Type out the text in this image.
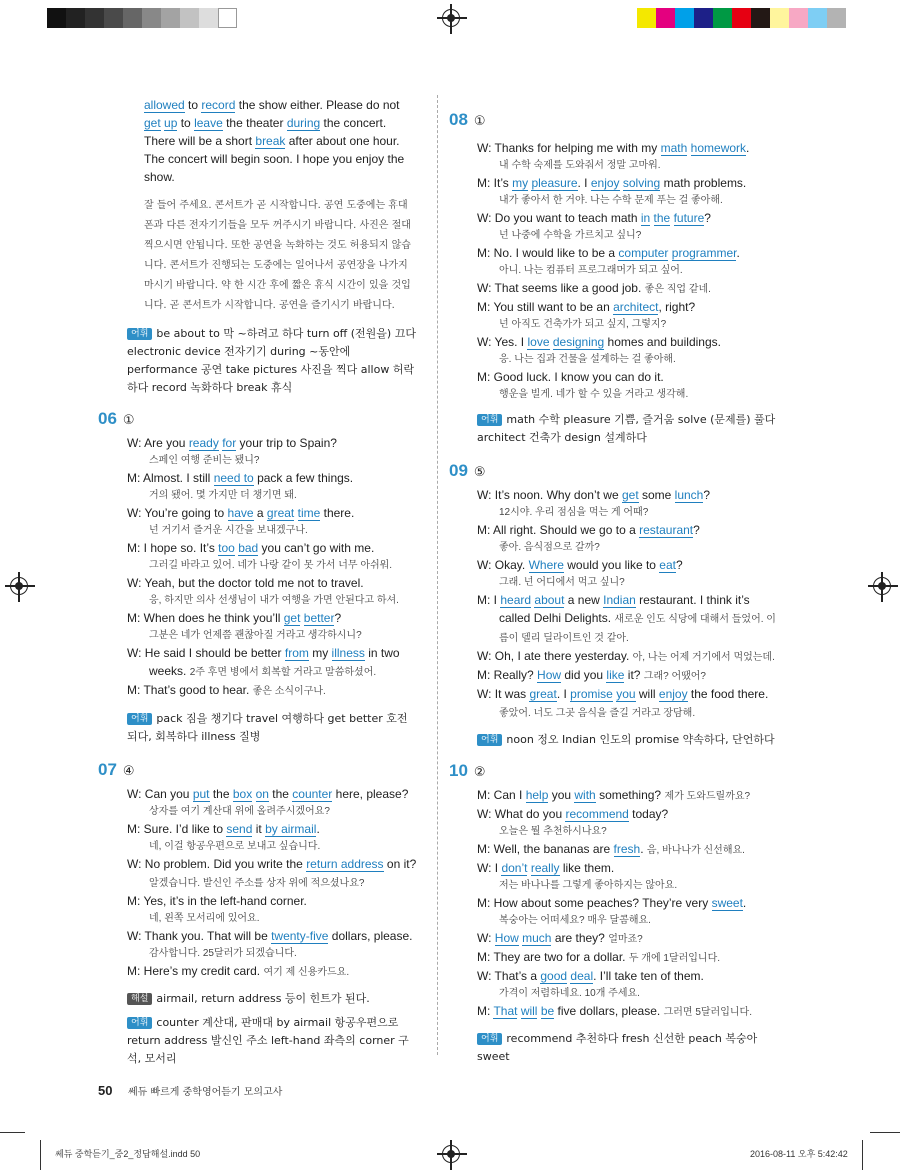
allowed to record the show either. Please do not get up to leave the theater during the concert. There will be a short break after about one hour. The concert will begin soon. I hope you enjoy the show.

잘 들어 주세요. 콘서트가 곧 시작합니다. 공연 도중에는 휴대폰과 다른 전자기기들을 모두 꺼주시기 바랍니다. 사진은 절대 찍으시면 안됩니다. 또한 공연을 녹화하는 것도 허용되지 않습니다. 콘서트가 진행되는 도중에는 일어나서 공연장을 나가지 마시기 바랍니다. 약 한 시간 후에 짧은 휴식 시간이 있을 것입니다. 곧 콘서트가 시작합니다. 공연을 즐기시기 바랍니다.

어휘 be about to 막 ~하려고 하다 turn off (전원을) 끄다 electronic device 전자기기 during ~동안에 performance 공연 take pictures 사진을 찍다 allow 허락하다 record 녹화하다 break 휴식

06 ①

W: Are you ready for your trip to Spain?

스페인 여행 준비는 됐니?

M: Almost. I still need to pack a few things.

거의 됐어. 몇 가지만 더 챙기면 돼.

W: You’re going to have a great time there.

넌 거기서 즐거운 시간을 보내겠구나.

M: I hope so. It’s too bad you can’t go with me.

그러길 바라고 있어. 네가 나랑 같이 못 가서 너무 아쉬워.

W: Yeah, but the doctor told me not to travel.

응, 하지만 의사 선생님이 내가 여행을 가면 안된다고 하셔.

M: When does he think you’ll get better?

그분은 네가 언제쯤 괜찮아질 거라고 생각하시니?

W: He said I should be better from my illness in two weeks. 2주 후면 병에서 회복할 거라고 말씀하셨어.

M: That’s good to hear. 좋은 소식이구나.

어휘 pack 짐을 챙기다 travel 여행하다 get better 호전되다, 회복하다 illness 질병

07 ④

W: Can you put the box on the counter here, please?

상자를 여기 계산대 위에 올려주시겠어요?

M: Sure. I’d like to send it by airmail.

네, 이걸 항공우편으로 보내고 싶습니다.

W: No problem. Did you write the return address on it? 알겠습니다. 발신인 주소를 상자 위에 적으셨나요?

M: Yes, it’s in the left-hand corner.

네, 왼쪽 모서리에 있어요.

W: Thank you. That will be twenty-five dollars, please.

감사합니다. 25달러가 되겠습니다.

M: Here’s my credit card. 여기 제 신용카드요.

해설 airmail, return address 등이 힌트가 된다.

어휘 counter 계산대, 판매대 by airmail 항공우편으로 return address 발신인 주소 left-hand 좌측의 corner 구석, 모서리

08 ①

W: Thanks for helping me with my math homework.

내 수학 숙제를 도와줘서 정말 고마워.

M: It’s my pleasure. I enjoy solving math problems.

내가 좋아서 한 거야. 나는 수학 문제 푸는 걸 좋아해.

W: Do you want to teach math in the future?

넌 나중에 수학을 가르치고 싶니?

M: No. I would like to be a computer programmer.

아니. 나는 컴퓨터 프로그래머가 되고 싶어.

W: That seems like a good job. 좋은 직업 같네.

M: You still want to be an architect, right?

넌 아직도 건축가가 되고 싶지, 그렇지?

W: Yes. I love designing homes and buildings.

응. 나는 집과 건물을 설계하는 걸 좋아해.

M: Good luck. I know you can do it.

행운을 빌게. 네가 할 수 있을 거라고 생각해.

어휘 math 수학 pleasure 기쁨, 즐거움 solve (문제를) 풀다 architect 건축가 design 설계하다

09 ⑤

W: It’s noon. Why don’t we get some lunch?

12시야. 우리 점심을 먹는 게 어때?

M: All right. Should we go to a restaurant?

좋아. 음식점으로 갈까?

W: Okay. Where would you like to eat?

그래. 넌 어디에서 먹고 싶니?

M: I heard about a new Indian restaurant. I think it’s called Delhi Delights. 새로운 인도 식당에 대해서 들었어. 이름이 델리 딜라이트인 것 같아.

W: Oh, I ate there yesterday. 아, 나는 어제 거기에서 먹었는데.

M: Really? How did you like it? 그래? 어땠어?

W: It was great. I promise you will enjoy the food there. 좋았어. 너도 그곳 음식을 즐길 거라고 장담해.

어휘 noon 정오 Indian 인도의 promise 약속하다, 단언하다

10 ②

M: Can I help you with something? 제가 도와드릴까요?

W: What do you recommend today?

오늘은 뭘 추천하시나요?

M: Well, the bananas are fresh. 음, 바나나가 신선해요.

W: I don’t really like them.

저는 바나나를 그렇게 좋아하지는 않아요.

M: How about some peaches? They’re very sweet.

복숭아는 어떠세요? 매우 달콤해요.

W: How much are they? 얼마죠?

M: They are two for a dollar. 두 개에 1달러입니다.

W: That’s a good deal. I’ll take ten of them.

가격이 저렴하네요. 10개 주세요.

M: That will be five dollars, please. 그러면 5달러입니다.

어휘 recommend 추천하다 fresh 신선한 peach 복숭아 sweet

50 쎄듀 빠르게 중학영어듣기 모의고사
쎄듀 중학듣기_중2_정답해설.indd 50	2016-08-11 오후 5:42:42
